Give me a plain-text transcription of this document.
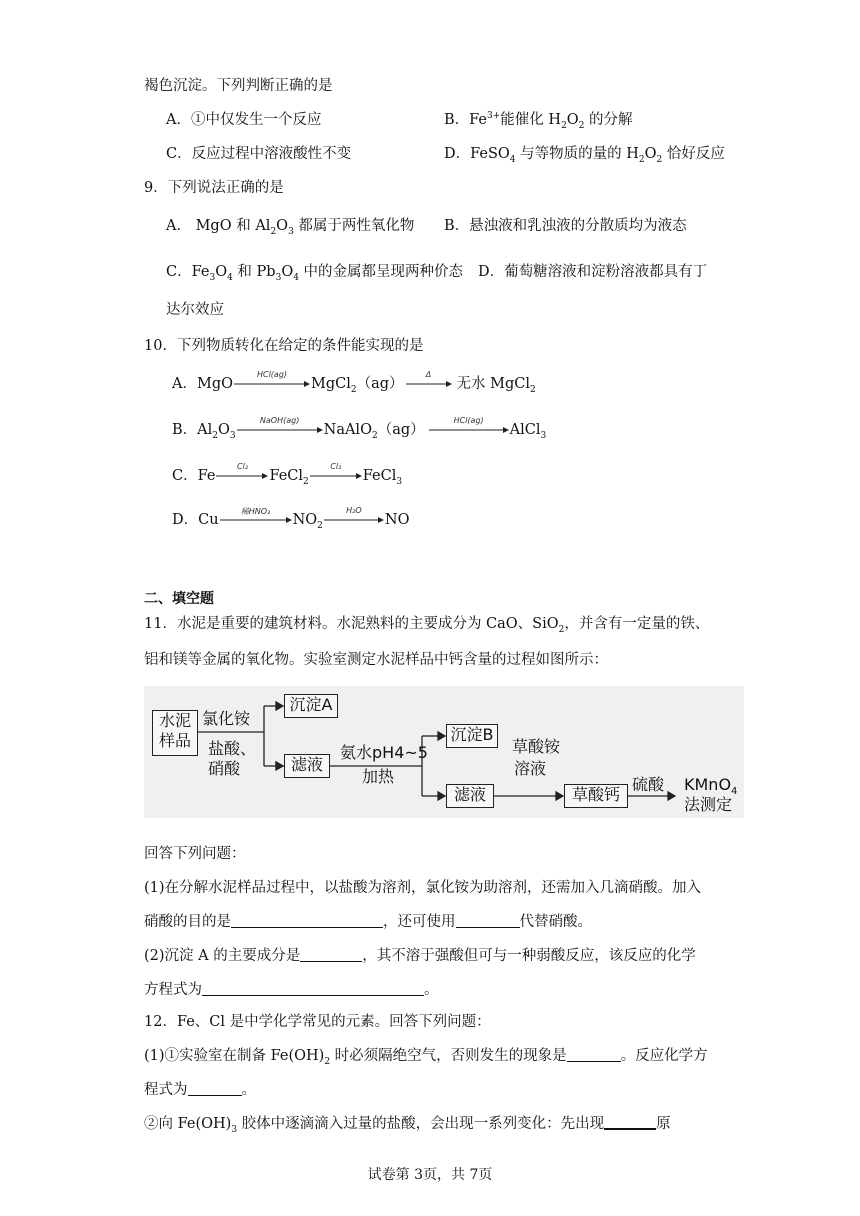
褐色沉淀。下列判断正确的是
A．①中仅发生一个反应	B．$Fe^{3+}$能催化 $H_2O_2$ 的分解
C．反应过程中溶液酸性不变	D．FeSO$_4$ 与等物质的量的 $H_2O_2$ 恰好反应
9．下列说法正确的是
A． MgO 和 $Al_2O_3$ 都属于两性氧化物 B．悬浊液和乳浊液的分散质均为液态
C．$Fe_3O_4$ 和 $Pb_3O_4$ 中的金属都呈现两种价态 D．葡萄糖溶液和淀粉溶液都具有丁
达尔效应
10．下列物质转化在给定的条件能实现的是
A．MgO
HCl(ag)
MgCl$_2$（ag）
Δ
无水 MgCl$_2$
B．$Al_2O_3$
NaOH(ag)
NaAlO$_2$（ag）
HCl(ag)
AlCl$_3$
C．Fe
Cl₂
FeCl$_2$
Cl₂
FeCl$_3$
D．Cu
稀HNO₃
$NO_2$
H₂O
NO
二、填空题
11．水泥是重要的建筑材料。水泥熟料的主要成分为 CaO、SiO$_2$，并含有一定量的铁、
铝和镁等金属的氧化物。实验室测定水泥样品中钙含量的过程如图所示：
水泥
样品
氯化铵
盐酸、
硝酸
沉淀A
滤液
氨水pH4~5
加热
沉淀B
滤液
草酸铵
溶液
草酸钙
硫酸 KMnO$_4$
法测定
回答下列问题：
(1)在分解水泥样品过程中，以盐酸为溶剂，氯化铵为助溶剂，还需加入几滴硝酸。加入
硝酸的目的是	，还可使用	代替硝酸。
(2)沉淀 A 的主要成分是	，其不溶于强酸但可与一种弱酸反应，该反应的化学
方程式为	。
12．Fe、Cl 是中学化学常见的元素。回答下列问题：
(1)①实验室在制备 $Fe(OH)_2$ 时必须隔绝空气，否则发生的现象是	。反应化学方
程式为	。
②向 $Fe(OH)_3$ 胶体中逐滴滴入过量的盐酸，会出现一系列变化：先出现	原
试卷第 3页，共 7页
